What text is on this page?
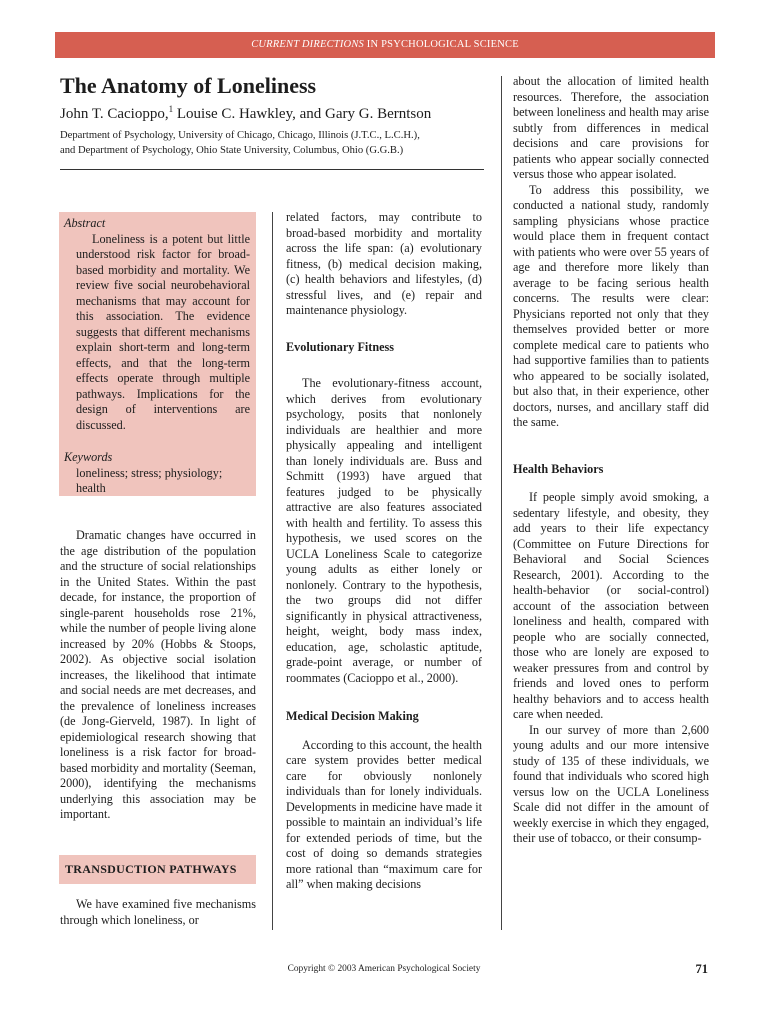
CURRENT DIRECTIONS IN PSYCHOLOGICAL SCIENCE
The Anatomy of Loneliness

John T. Cacioppo,$^1$ Louise C. Hawkley, and Gary G. Berntson

Department of Psychology, University of Chicago, Chicago, Illinois (J.T.C., L.C.H.),
and Department of Psychology, Ohio State University, Columbus, Ohio (G.G.B.)

Abstract
Loneliness is a potent but little understood risk factor for broad-based morbidity and mortality. We review five social neurobehavioral mechanisms that may account for this association. The evidence suggests that different mechanisms explain short-term and long-term effects, and that the long-term effects operate through multiple pathways. Implications for the design of interventions are discussed.
Keywords
loneliness; stress; physiology; health

Dramatic changes have occurred in the age distribution of the population and the structure of social relationships in the United States. Within the past decade, for instance, the proportion of single-parent households rose 21%, while the number of people living alone increased by 20% (Hobbs & Stoops, 2002). As objective social isolation increases, the likelihood that intimate and social needs are met decreases, and the prevalence of loneliness increases (de Jong-Gierveld, 1987). In light of epidemiological research showing that loneliness is a risk factor for broad-based morbidity and mortality (Seeman, 2000), identifying the mechanisms underlying this association may be important.

TRANSDUCTION PATHWAYS

We have examined five mechanisms through which loneliness, or

related factors, may contribute to broad-based morbidity and mortality across the life span: (a) evolutionary fitness, (b) medical decision making, (c) health behaviors and lifestyles, (d) stressful lives, and (e) repair and maintenance physiology.

Evolutionary Fitness

The evolutionary-fitness account, which derives from evolutionary psychology, posits that nonlonely individuals are healthier and more physically appealing and intelligent than lonely individuals are. Buss and Schmitt (1993) have argued that features judged to be physically attractive are also features associated with health and fertility. To assess this hypothesis, we used scores on the UCLA Loneliness Scale to categorize young adults as either lonely or nonlonely. Contrary to the hypothesis, the two groups did not differ significantly in physical attractiveness, height, weight, body mass index, education, age, scholastic aptitude, grade-point average, or number of roommates (Cacioppo et al., 2000).

Medical Decision Making

According to this account, the health care system provides better medical care for obviously nonlonely individuals than for lonely individuals. Developments in medicine have made it possible to maintain an individual’s life for extended periods of time, but the cost of doing so demands strategies more rational than “maximum care for all” when making decisions

about the allocation of limited health resources. Therefore, the association between loneliness and health may arise subtly from differences in medical decisions and care provisions for patients who appear socially connected versus those who appear isolated.

To address this possibility, we conducted a national study, randomly sampling physicians whose practice would place them in frequent contact with patients who were over 55 years of age and therefore more likely than average to be facing serious health concerns. The results were clear: Physicians reported not only that they themselves provided better or more complete medical care to patients who had supportive families than to patients who appeared to be socially isolated, but also that, in their experience, other doctors, nurses, and ancillary staff did the same.

Health Behaviors

If people simply avoid smoking, a sedentary lifestyle, and obesity, they add years to their life expectancy (Committee on Future Directions for Behavioral and Social Sciences Research, 2001). According to the health-behavior (or social-control) account of the association between loneliness and health, compared with people who are socially connected, those who are lonely are exposed to weaker pressures from and control by friends and loved ones to perform healthy behaviors and to access health care when needed.

In our survey of more than 2,600 young adults and our more intensive study of 135 of these individuals, we found that individuals who scored high versus low on the UCLA Loneliness Scale did not differ in the amount of weekly exercise in which they engaged, their use of tobacco, or their consump-

Copyright © 2003 American Psychological Society	71
